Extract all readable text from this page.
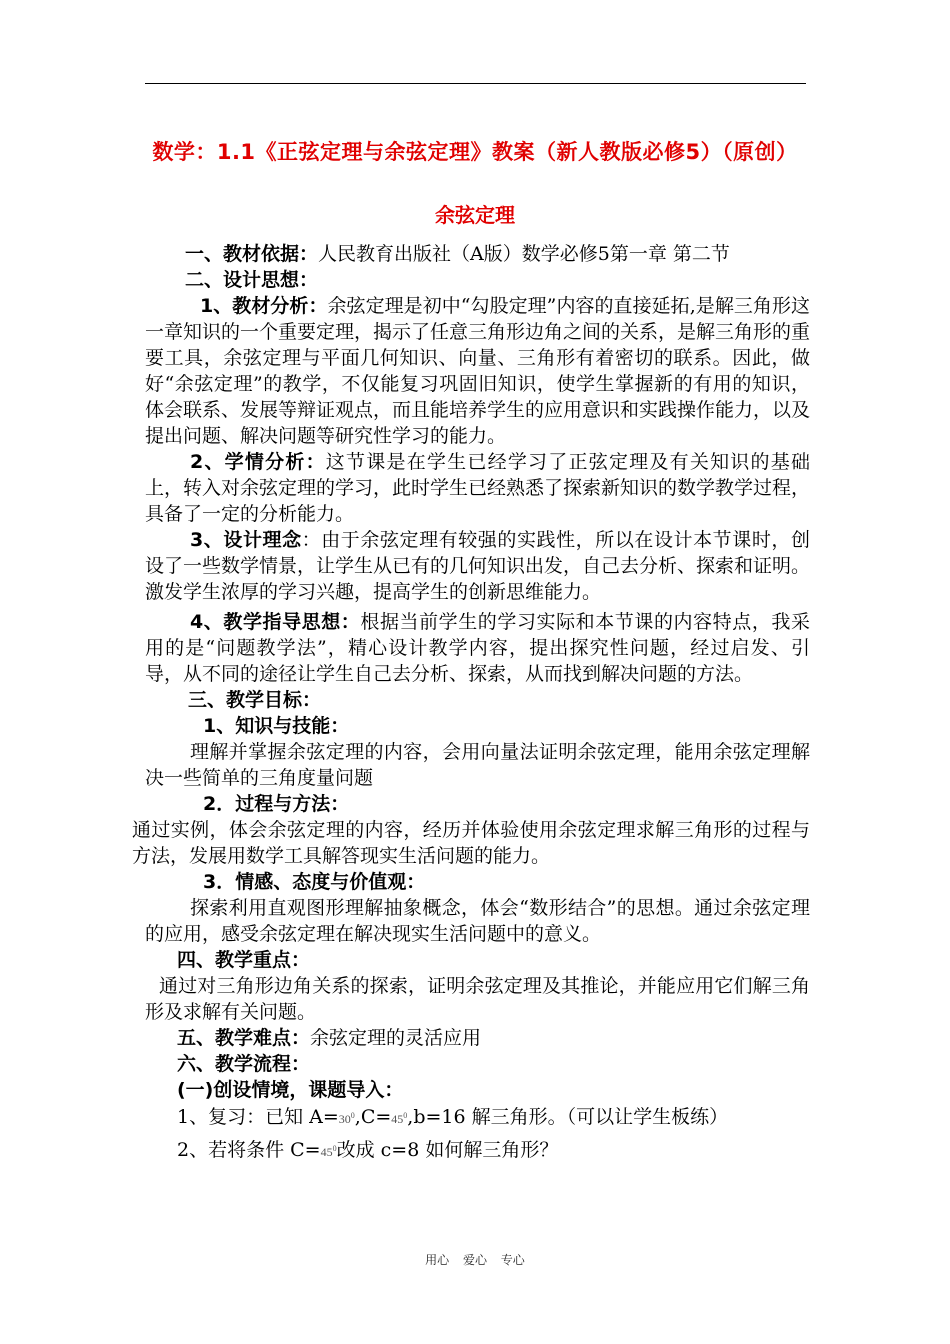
数学：1.1《正弦定理与余弦定理》教案（新人教版必修5）（原创）
余弦定理

一、教材依据：人民教育出版社（A版）数学必修5第一章 第二节

二、设计思想：

1、教材分析：余弦定理是初中“勾股定理”内容的直接延拓,是解三角形这一章知识的一个重要定理，揭示了任意三角形边角之间的关系，是解三角形的重要工具，余弦定理与平面几何知识、向量、三角形有着密切的联系。因此，做好“余弦定理”的教学，不仅能复习巩固旧知识，使学生掌握新的有用的知识，体会联系、发展等辩证观点，而且能培养学生的应用意识和实践操作能力，以及提出问题、解决问题等研究性学习的能力。

2、学情分析：这节课是在学生已经学习了正弦定理及有关知识的基础上，转入对余弦定理的学习，此时学生已经熟悉了探索新知识的数学教学过程，具备了一定的分析能力。

3、设计理念：由于余弦定理有较强的实践性，所以在设计本节课时，创设了一些数学情景，让学生从已有的几何知识出发，自己去分析、探索和证明。激发学生浓厚的学习兴趣，提高学生的创新思维能力。

4、教学指导思想：根据当前学生的学习实际和本节课的内容特点，我采用的是“问题教学法”，精心设计教学内容，提出探究性问题，经过启发、引导，从不同的途径让学生自己去分析、探索，从而找到解决问题的方法。

三、教学目标：

1、知识与技能：

理解并掌握余弦定理的内容，会用向量法证明余弦定理，能用余弦定理解决一些简单的三角度量问题

2．过程与方法：

通过实例，体会余弦定理的内容，经历并体验使用余弦定理求解三角形的过程与方法，发展用数学工具解答现实生活问题的能力。

3．情感、态度与价值观：

探索利用直观图形理解抽象概念，体会“数形结合”的思想。通过余弦定理的应用，感受余弦定理在解决现实生活问题中的意义。

四、教学重点：

通过对三角形边角关系的探索，证明余弦定理及其推论，并能应用它们解三角形及求解有关问题。

五、教学难点：余弦定理的灵活应用

六、教学流程：

(一)创设情境，课题导入：

1、复习：已知 $A=30^0,C=45^0,b=16$ 解三角形。（可以让学生板练）

2、若将条件 $C=45^0$改成 c=8 如何解三角形？

用心 爱心 专心
